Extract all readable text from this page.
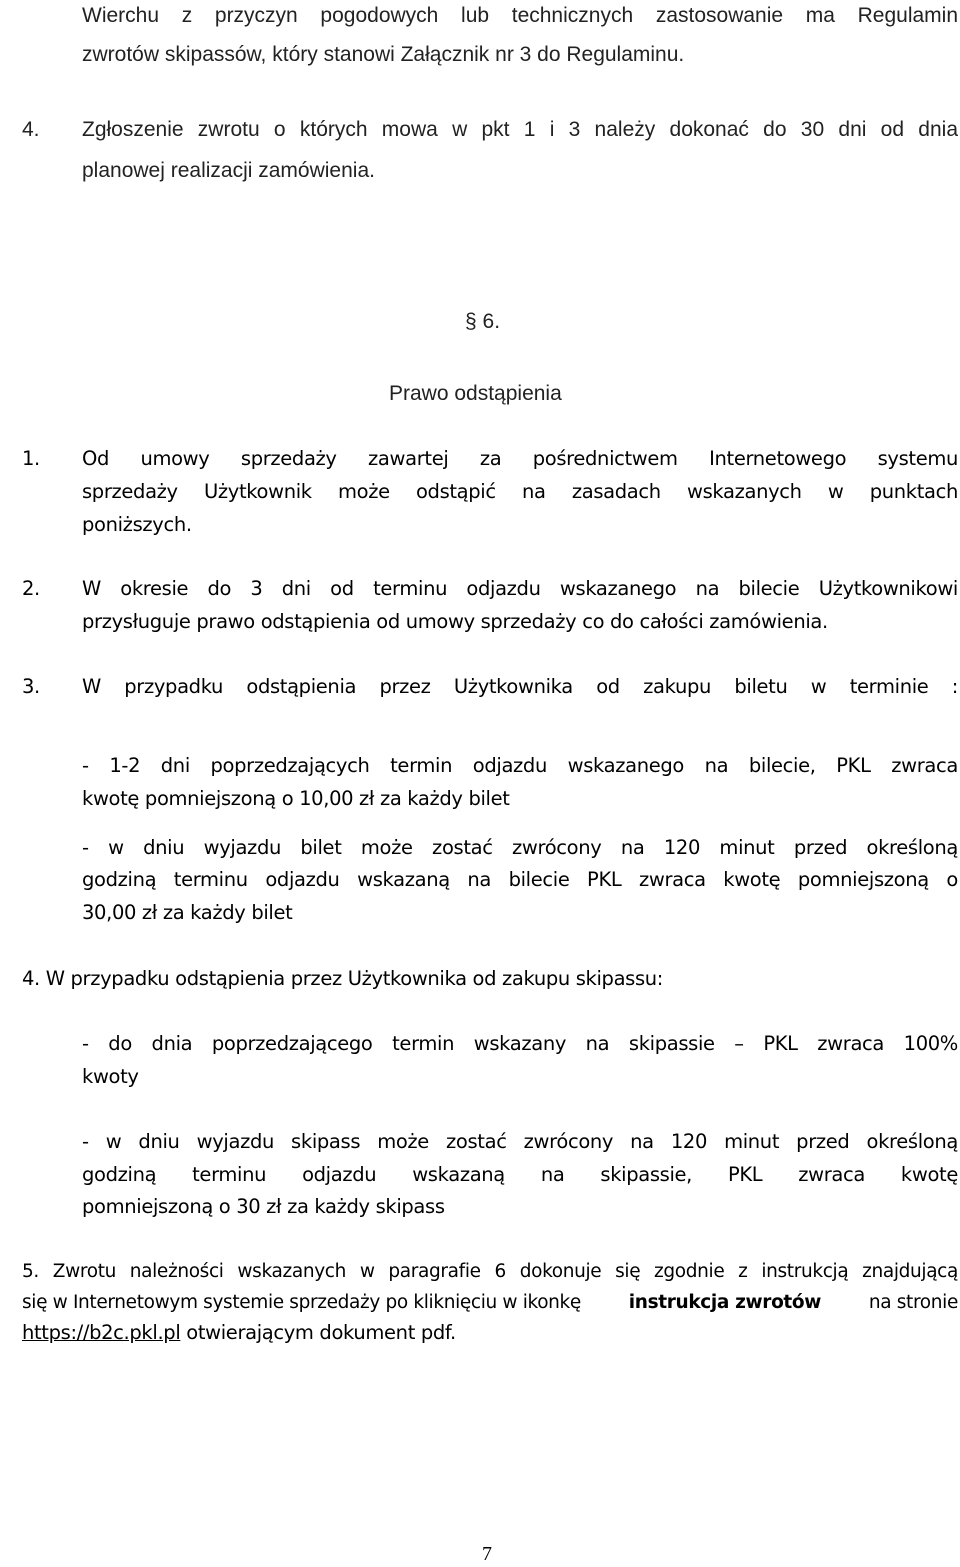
Wierchu z przyczyn pogodowych lub technicznych zastosowanie ma Regulamin
zwrotów skipassów, który stanowi Załącznik nr 3 do Regulaminu.
4. Zgłoszenie zwrotu o których mowa w pkt 1 i 3 należy dokonać do 30 dni od dnia
planowej realizacji zamówienia.
§ 6.
Prawo odstąpienia
1. Od umowy sprzedaży zawartej za pośrednictwem Internetowego systemu
sprzedaży Użytkownik może odstąpić na zasadach wskazanych w punktach
poniższych.
2. W okresie do 3 dni od terminu odjazdu wskazanego na bilecie Użytkownikowi
przysługuje prawo odstąpienia od umowy sprzedaży co do całości zamówienia.
3. W przypadku odstąpienia przez Użytkownika od zakupu biletu w terminie :
- 1-2 dni poprzedzających termin odjazdu wskazanego na bilecie, PKL zwraca
kwotę pomniejszoną o 10,00 zł za każdy bilet
- w dniu wyjazdu bilet może zostać zwrócony na 120 minut przed określoną
godziną terminu odjazdu wskazaną na bilecie PKL zwraca kwotę pomniejszoną o
30,00 zł za każdy bilet
4. W przypadku odstąpienia przez Użytkownika od zakupu skipassu:
- do dnia poprzedzającego termin wskazany na skipassie – PKL zwraca 100%
kwoty
- w dniu wyjazdu skipass może zostać zwrócony na 120 minut przed określoną
godziną terminu odjazdu wskazaną na skipassie, PKL zwraca kwotę
pomniejszoną o 30 zł za każdy skipass
5. Zwrotu należności wskazanych w paragrafie 6 dokonuje się zgodnie z instrukcją znajdującą
się w Internetowym systemie sprzedaży po kliknięciu w ikonkę	instrukcja zwrotów	na stronie
https://b2c.pkl.pl otwierającym dokument pdf.
7
